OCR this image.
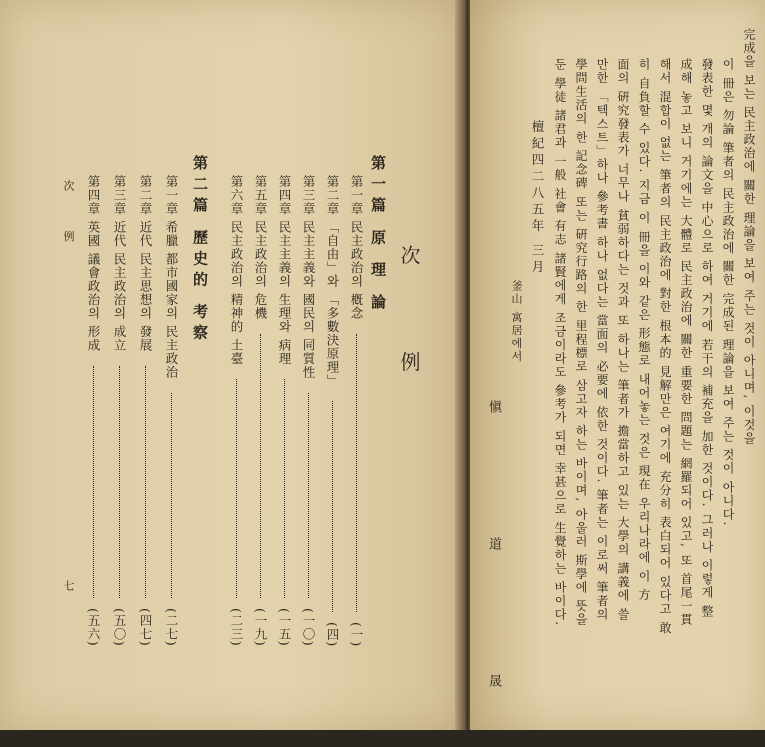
次 例
第一篇 原 理 論
第一章 民主政治의 槪念
(一)
第二章 「自由」와 「多數決原理」
(四)
第三章 民主主義와 國民의 同質性
(一〇)
第四章 民主主義의 生理와 病理
(一五)
第五章 民主政治의 危機
(一九)
第六章 民主政治의 精神的 土臺
(二三)
第二篇 歷史的 考察
第一章 希臘 都市國家의 民主政治
(二七)
第二章 近代 民主思想의 發展
(四七)
第三章 近代 民主政治의 成立
(五〇)
第四章 英國 議會政治의 形成
(五六)
次 例
七
完成을 보는 民主政治에 關한 理論을 보여 주는 것이 아니며, 이것을
이 冊은 勿論 筆者의 民主政治에 關한 完成된 理論을 보여 주는 것이 아니다.
發表한 몇 개의 論文을 中心으로 하여 거기에 若干의 補充을 加한 것이다. 그러나 이렇게 整
成해 놓고 보니 거기에는 大體로 民主政治에 關한 重要한 問題는 網羅되어 있고, 또 首尾一貫
해서 混합이 없는 筆者의 民主政治에 對한 根本的 見解만은 여기에 充分히 表白되어 있다고 敢
히 自負할 수 있다. 지금 이 冊을 이와 같은 形態로 내어놓는 것은 現在 우리나라에 이 方
面의 硏究發表가 너무나 貧弱하다는 것과 또 하나는 筆者가 擔當하고 있는 大學의 講義에 쓸
만한 「텍스트」하나 參考書 하나 없다는 當面의 必要에 依한 것이다. 筆者는 이로써 筆者의
學問生活의 한 記念碑 또는 硏究行路의 한 里程標로 삼고자 하는 바이며, 아울러 斯學에 뜻을
둔 學徒 諸君과 一般 社會 有志 諸賢에게 조금이라도 參考가 되면 幸甚으로 生覺하는 바이다.
檀紀四二八五年 三月
釜山 寓居에서
愼 道 晟
